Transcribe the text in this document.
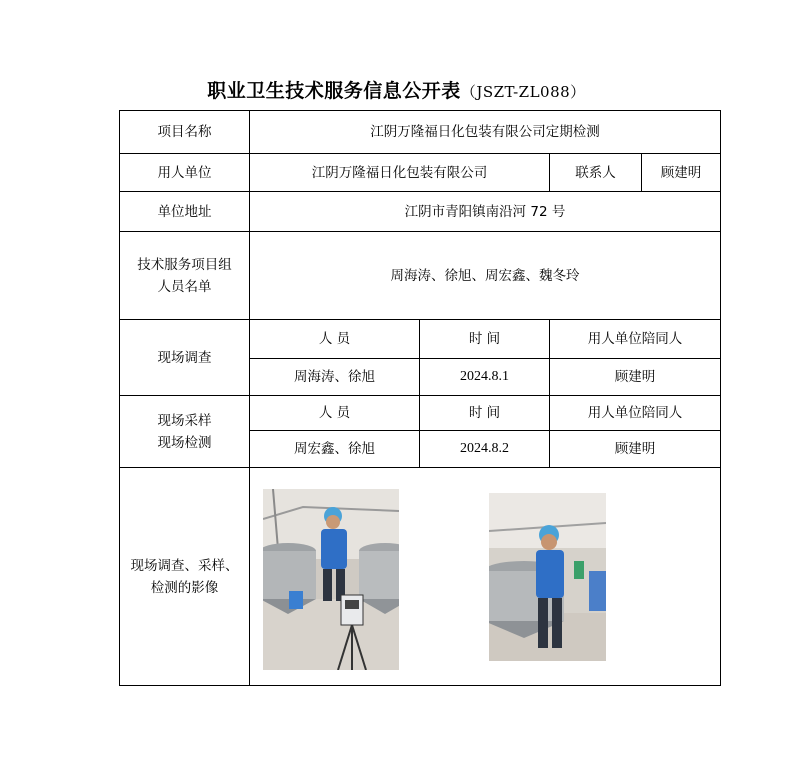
职业卫生技术服务信息公开表（JSZT-ZL088）
项目名称	江阴万隆福日化包装有限公司定期检测			
用人单位	江阴万隆福日化包装有限公司		联系人	顾建明
单位地址	江阴市青阳镇南沿河 72 号			

技术服务项目组
人员名单	周海涛、徐旭、周宏鑫、魏冬玲			
现场调查	人 员	时 间	用人单位陪同人	
	周海涛、徐旭	2024.8.1	顾建明	

现场采样
现场检测	人 员	时 间	用人单位陪同人	
	周宏鑫、徐旭	2024.8.2	顾建明	

现场调查、采样、
检测的影像
